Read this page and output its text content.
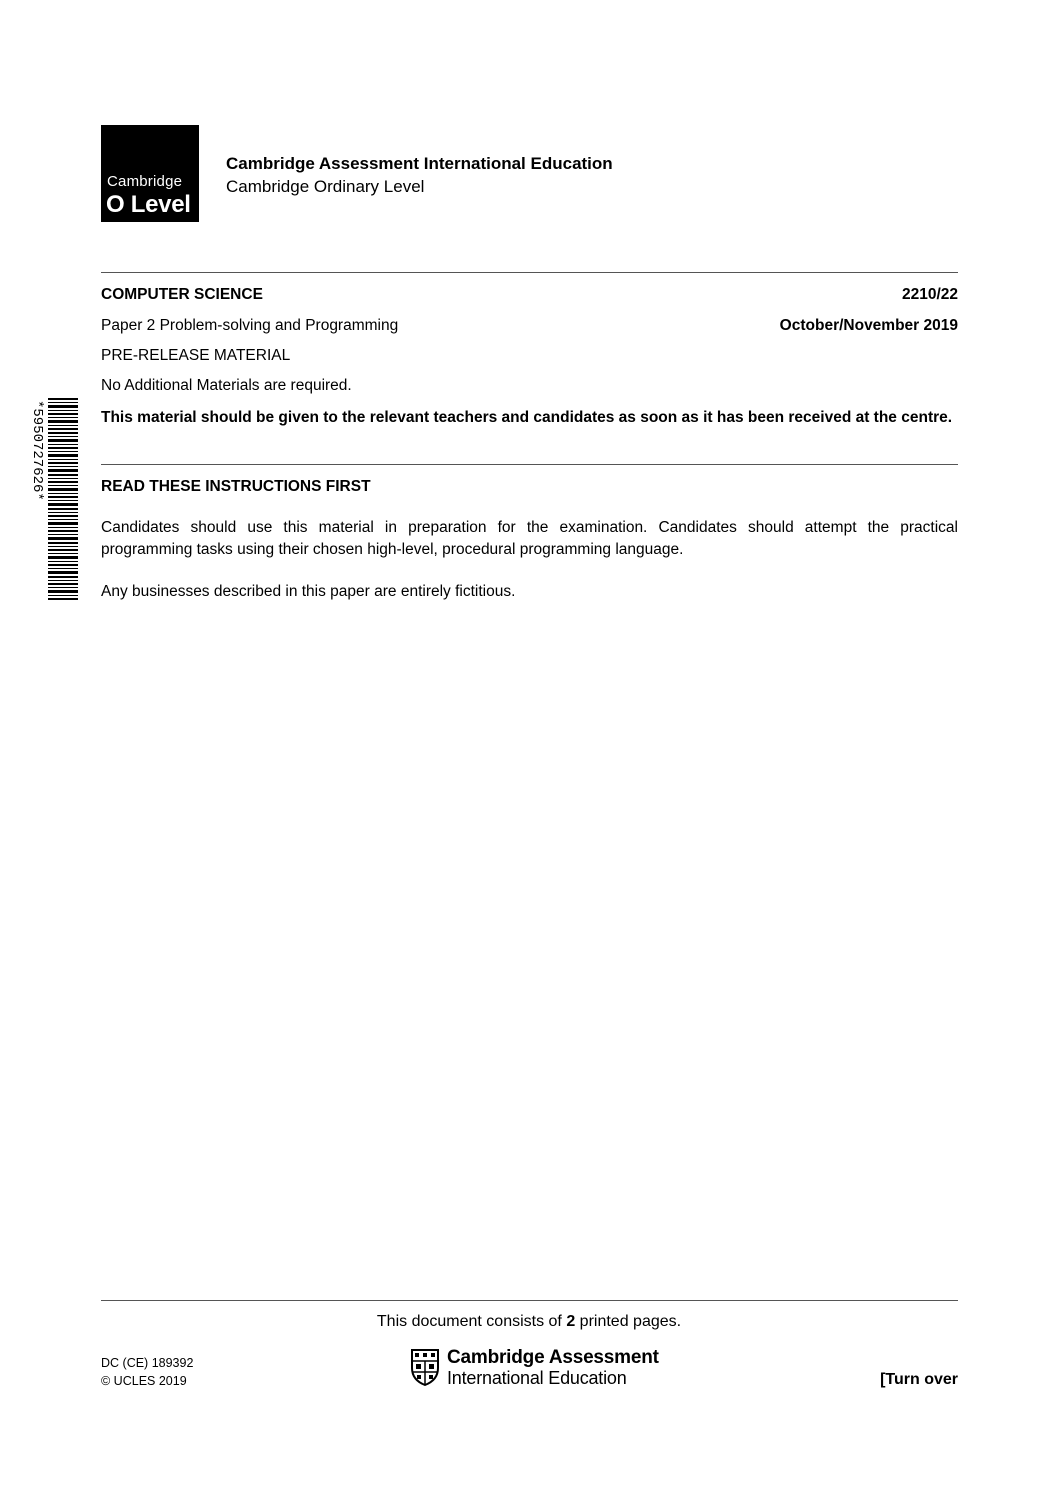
Cambridge
O Level
Cambridge Assessment International Education
Cambridge Ordinary Level
COMPUTER SCIENCE	2210/22
Paper 2 Problem-solving and Programming	October/November 2019
PRE-RELEASE MATERIAL
No Additional Materials are required.
This material should be given to the relevant teachers and candidates as soon as it has been received at the centre.
READ THESE INSTRUCTIONS FIRST
Candidates should use this material in preparation for the examination. Candidates should attempt the practical programming tasks using their chosen high-level, procedural programming language.
Any businesses described in this paper are entirely fictitious.
*5950727626*
This document consists of 2 printed pages.
DC (CE) 189392
© UCLES 2019
Cambridge Assessment
International Education	[Turn over
